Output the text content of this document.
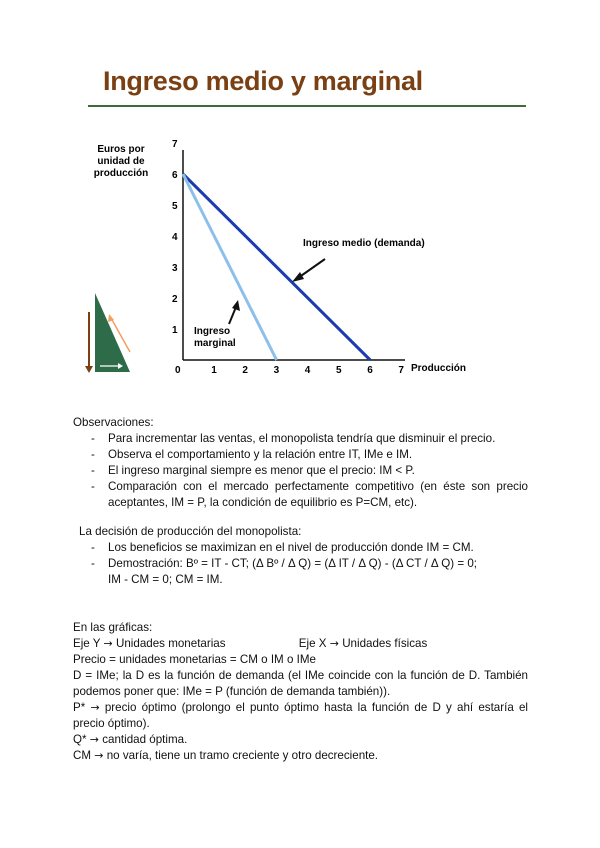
Ingreso medio y marginal
Euros por
unidad de
producción
0	1	2	3	4	5	6	7
1
2
3
4
5
6
7
Producción
Ingreso medio (demanda)
Ingreso
marginal

Observaciones:

- Para incrementar las ventas, el monopolista tendría que disminuir el precio.
- Observa el comportamiento y la relación entre IT, IMe e IM.
- El ingreso marginal siempre es menor que el precio: IM < P.
- Comparación con el mercado perfectamente competitivo (en éste son precio aceptantes, IM = P, la condición de equilibrio es P=CM, etc).

La decisión de producción del monopolista:

- Los beneficios se maximizan en el nivel de producción donde IM = CM.
- Demostración: Bº = IT - CT; (Δ Bº / Δ Q) = (Δ IT / Δ Q) - (Δ CT / Δ Q) = 0;
IM - CM = 0; CM = IM.

En las gráficas:

Eje Y → Unidades monetarias	Eje X → Unidades físicas

Precio = unidades monetarias = CM o IM o IMe

D = IMe; la D es la función de demanda (el IMe coincide con la función de D. También podemos poner que: IMe = P (función de demanda también)).

P* → precio óptimo (prolongo el punto óptimo hasta la función de D y ahí estaría el precio óptimo).

Q* → cantidad óptima.

CM → no varía, tiene un tramo creciente y otro decreciente.
